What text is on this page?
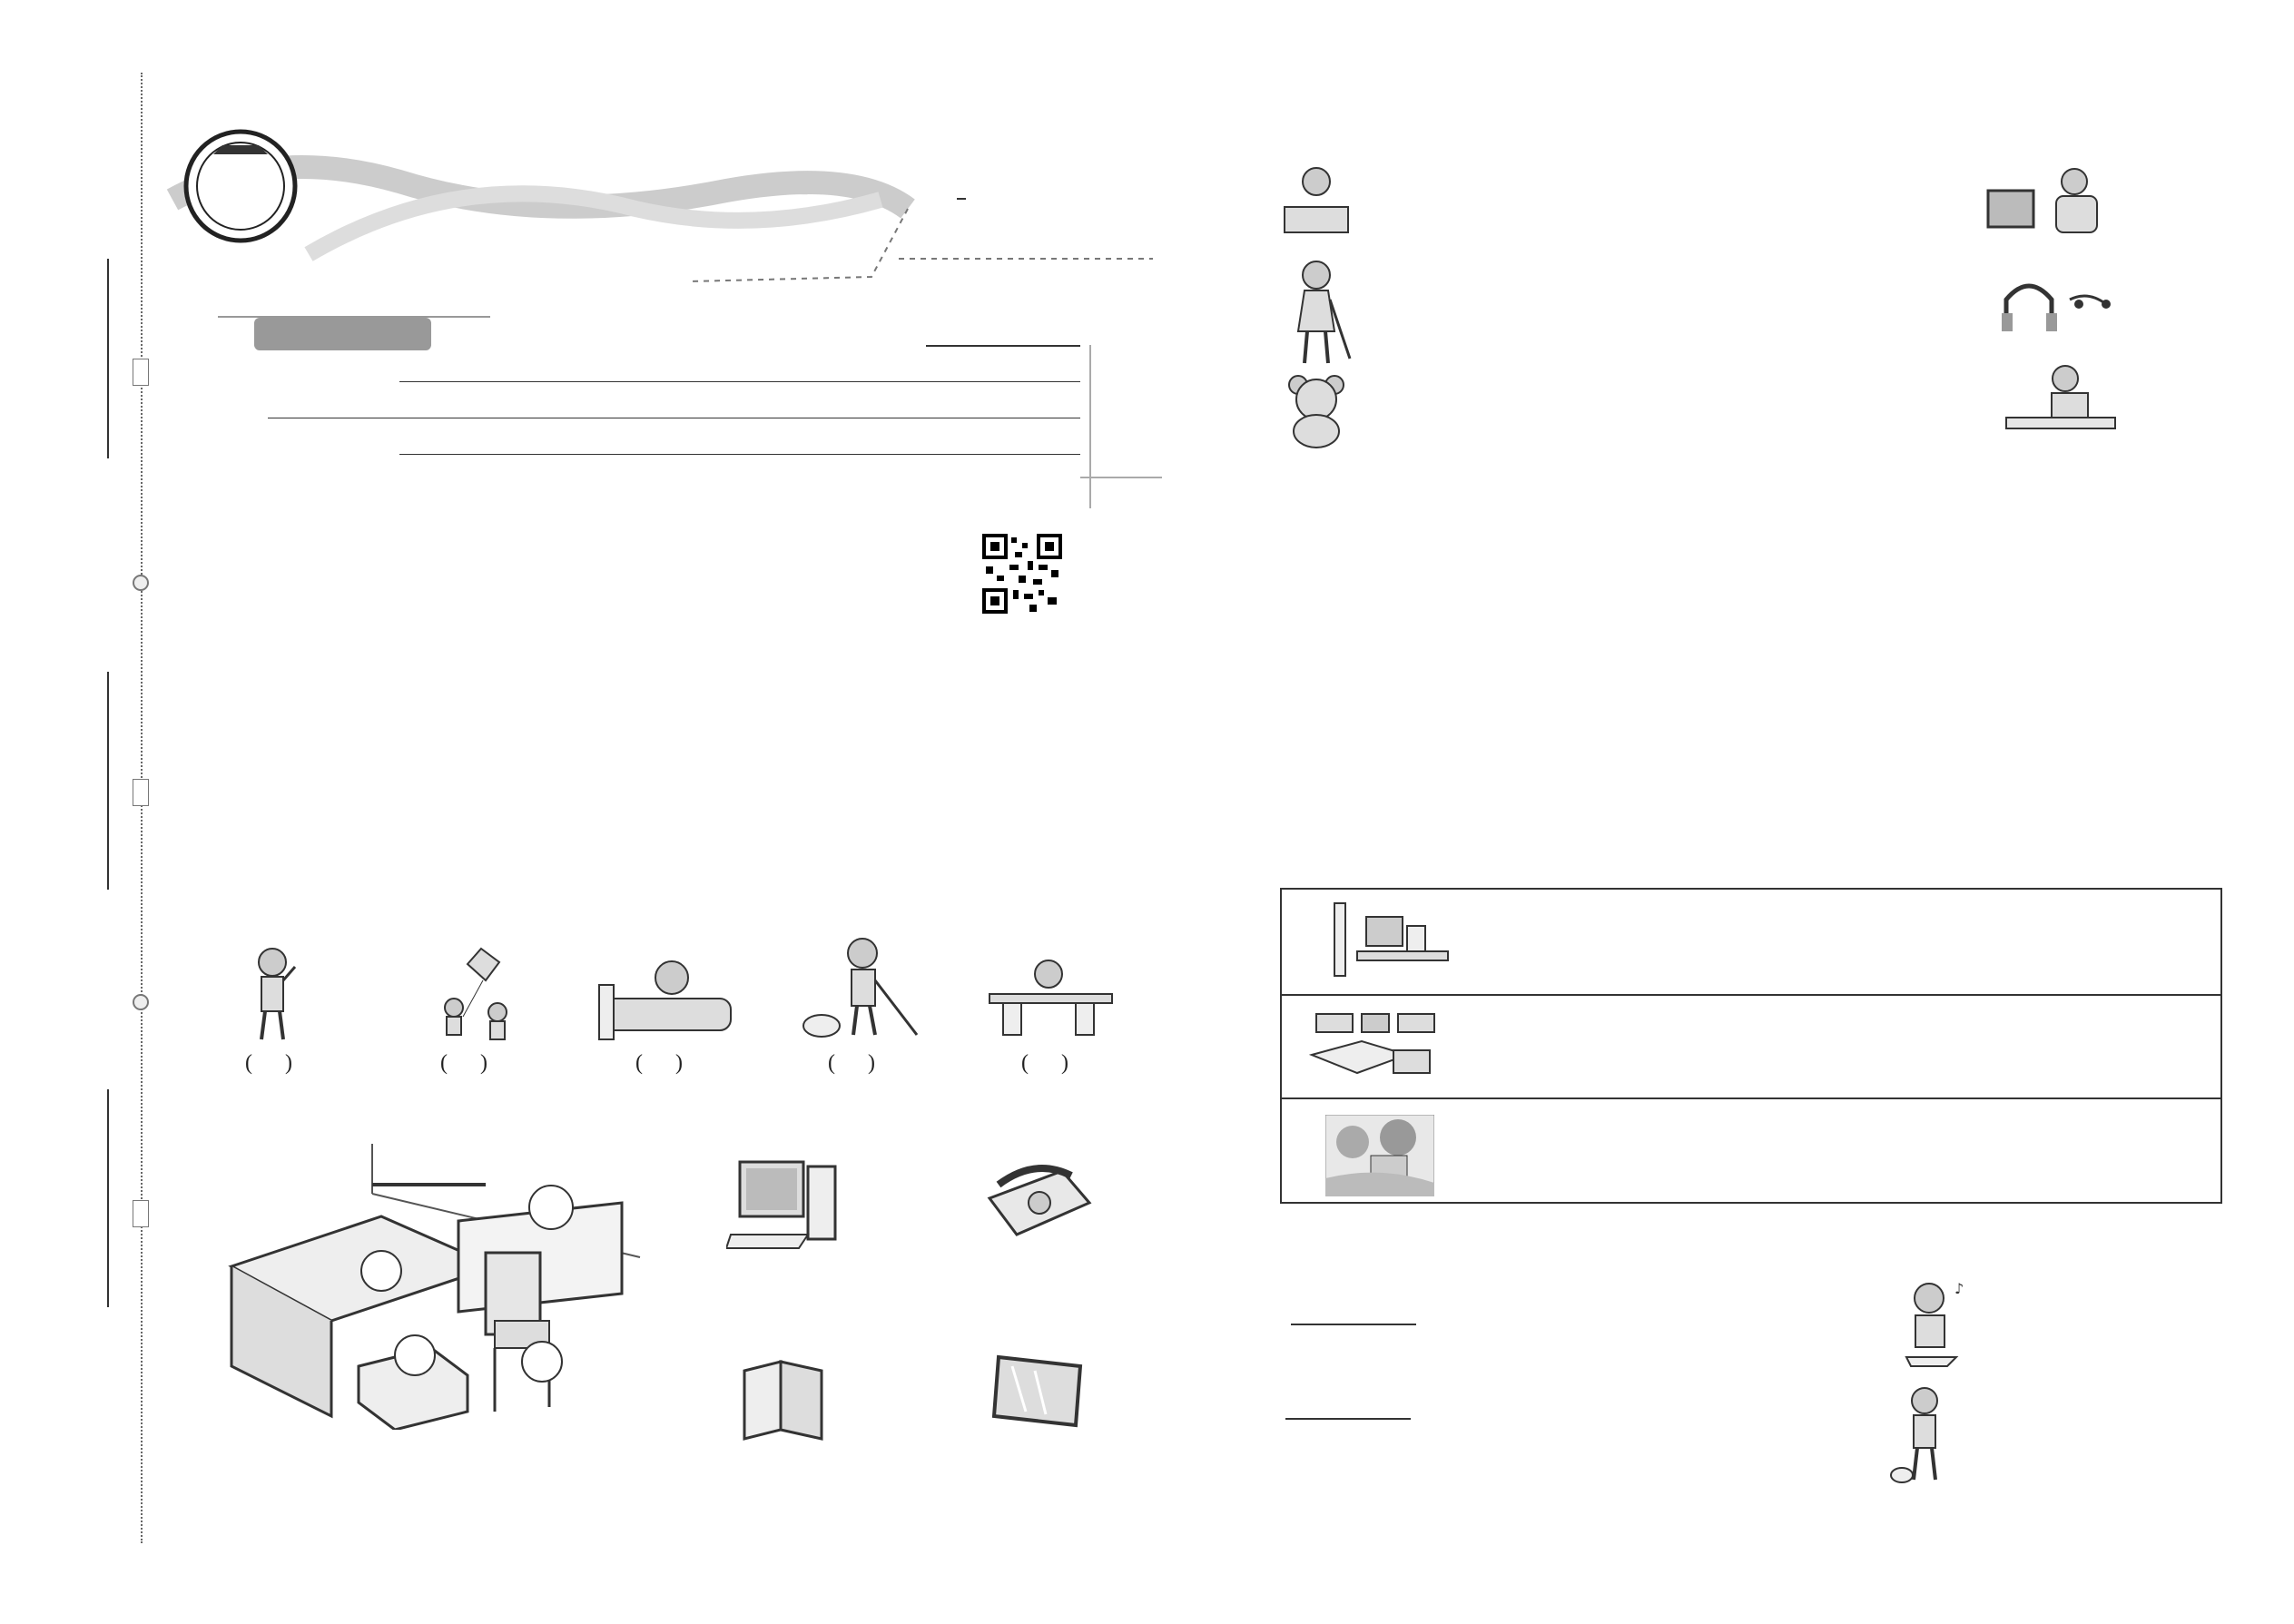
(      )	(      )	(      )	(      )	(      )

♪
